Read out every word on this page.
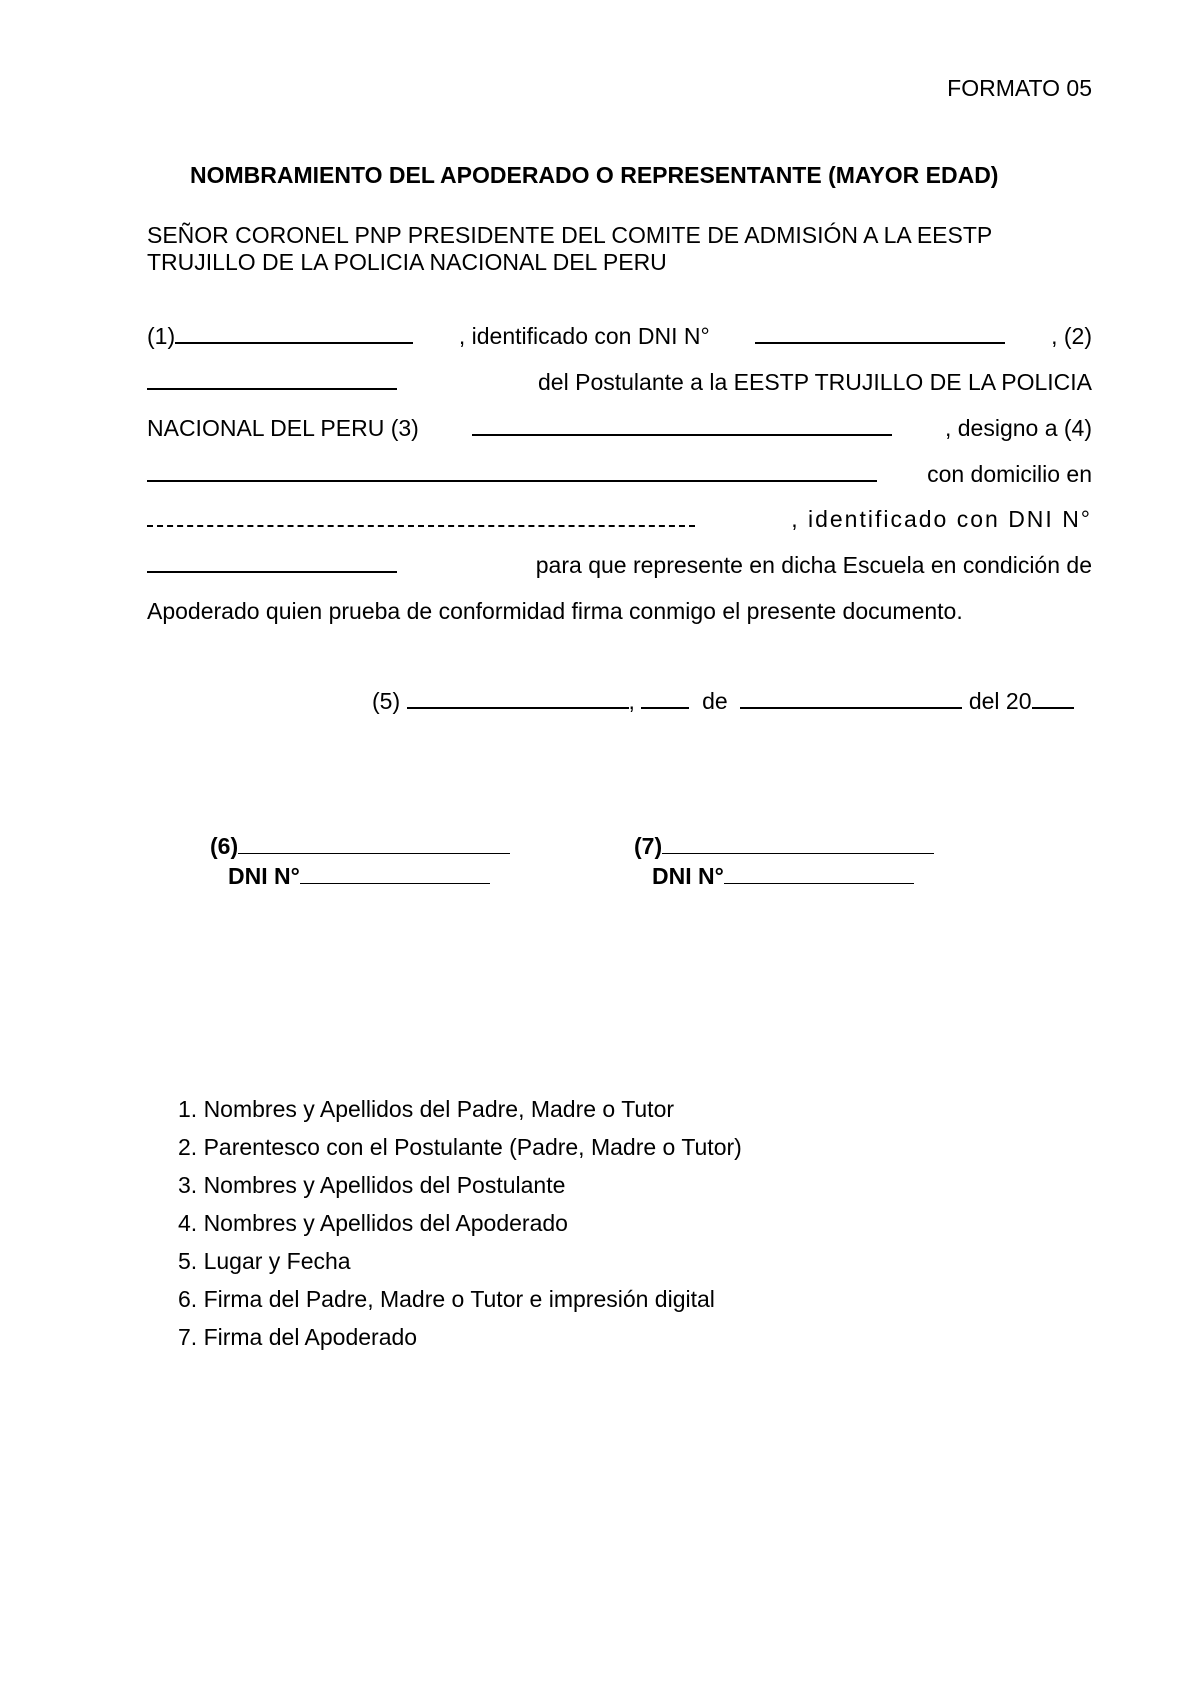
FORMATO 05
NOMBRAMIENTO DEL APODERADO O REPRESENTANTE (MAYOR EDAD)
SEÑOR CORONEL PNP PRESIDENTE DEL COMITE DE ADMISIÓN A LA EESTP
TRUJILLO DE LA POLICIA NACIONAL DEL PERU
(1)	, identificado con DNI N°	, (2)
del Postulante a la EESTP TRUJILLO DE LA POLICIA
NACIONAL DEL PERU (3)	, designo a (4)
con domicilio en
, identificado con DNI N°
para que represente en dicha Escuela en condición de
Apoderado quien prueba de conformidad firma conmigo el presente documento.
(5)	,	de	del 20
(6)
DNI N°
(7)
DNI N°
1. Nombres y Apellidos del Padre, Madre o Tutor
2. Parentesco con el Postulante (Padre, Madre o Tutor)
3. Nombres y Apellidos del Postulante
4. Nombres y Apellidos del Apoderado
5. Lugar y Fecha
6. Firma del Padre, Madre o Tutor e impresión digital
7. Firma del Apoderado
